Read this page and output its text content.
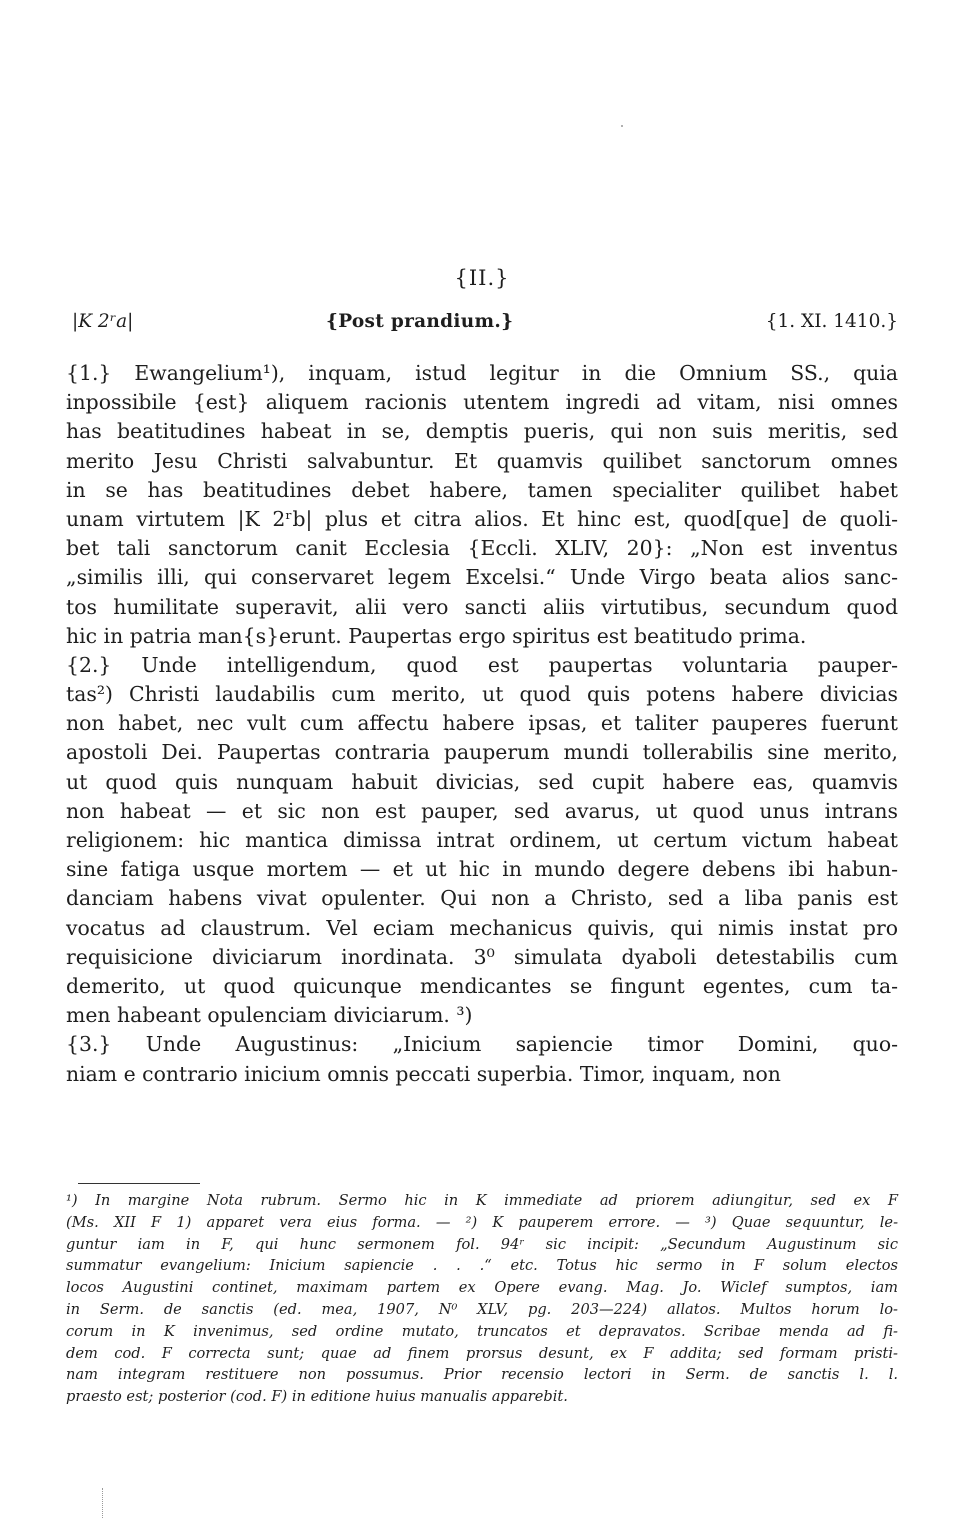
{II.}
|K 2ʳa|	{Post prandium.}	{1. XI. 1410.}
{1.} Ewangelium¹), inquam, istud legitur in die Omnium SS., quia
inpossibile {est} aliquem racionis utentem ingredi ad vitam, nisi omnes
has beatitudines habeat in se, demptis pueris, qui non suis meritis, sed
merito Jesu Christi salvabuntur. Et quamvis quilibet sanctorum omnes
in se has beatitudines debet habere, tamen specialiter quilibet habet
unam virtutem |K 2ʳb| plus et citra alios. Et hinc est, quod[que] de quoli-
bet tali sanctorum canit Ecclesia {Eccli. XLIV, 20}: „Non est inventus
„similis illi, qui conservaret legem Excelsi.“ Unde Virgo beata alios sanc-
tos humilitate superavit, alii vero sancti aliis virtutibus, secundum quod
hic in patria man{s}erunt. Paupertas ergo spiritus est beatitudo prima.
{2.} Unde intelligendum, quod est paupertas voluntaria pauper-
tas²) Christi laudabilis cum merito, ut quod quis potens habere divicias
non habet, nec vult cum affectu habere ipsas, et taliter pauperes fuerunt
apostoli Dei. Paupertas contraria pauperum mundi tollerabilis sine merito,
ut quod quis nunquam habuit divicias, sed cupit habere eas, quamvis
non habeat — et sic non est pauper, sed avarus, ut quod unus intrans
religionem: hic mantica dimissa intrat ordinem, ut certum victum habeat
sine fatiga usque mortem — et ut hic in mundo degere debens ibi habun-
danciam habens vivat opulenter. Qui non a Christo, sed a liba panis est
vocatus ad claustrum. Vel eciam mechanicus quivis, qui nimis instat pro
requisicione diviciarum inordinata. 3⁰ simulata dyaboli detestabilis cum
demerito, ut quod quicunque mendicantes se fingunt egentes, cum ta-
men habeant opulenciam diviciarum. ³)
{3.} Unde Augustinus: „Inicium sapiencie timor Domini, quo-
niam e contrario inicium omnis peccati superbia. Timor, inquam, non
¹) In margine Nota rubrum. Sermo hic in K immediate ad priorem adiungitur, sed ex F
(Ms. XII F 1) apparet vera eius forma. — ²) K pauperem errore. — ³) Quae sequuntur, le-
guntur iam in F, qui hunc sermonem fol. 94ʳ sic incipit: „Secundum Augustinum sic
summatur evangelium: Inicium sapiencie . . .“ etc. Totus hic sermo in F solum electos
locos Augustini continet, maximam partem ex Opere evang. Mag. Jo. Wiclef sumptos, iam
in Serm. de sanctis (ed. mea, 1907, N⁰ XLV, pg. 203—224) allatos. Multos horum lo-
corum in K invenimus, sed ordine mutato, truncatos et depravatos. Scribae menda ad fi-
dem cod. F correcta sunt; quae ad finem prorsus desunt, ex F addita; sed formam pristi-
nam integram restituere non possumus. Prior recensio lectori in Serm. de sanctis l. l.
praesto est; posterior (cod. F) in editione huius manualis apparebit.
